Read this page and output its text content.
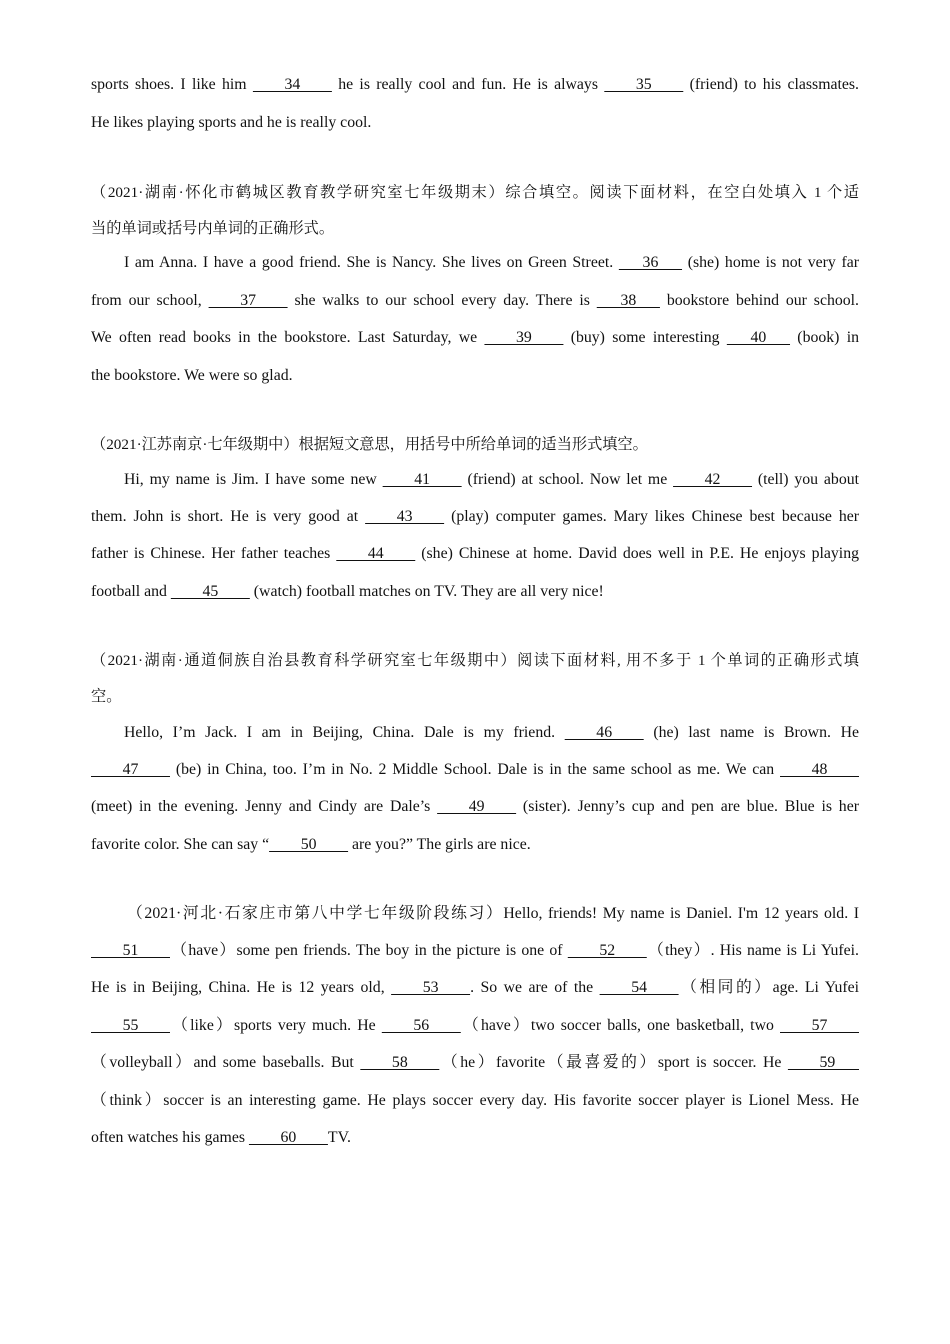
sports shoes. I like him         34         he is really cool and fun. He is always         35         (friend) to his classmates.
He likes playing sports and he is really cool.
（2021·湖南·怀化市鹤城区教育教学研究室七年级期末）综合填空。阅读下面材料，在空白处填入 1 个适
当的单词或括号内单词的正确形式。
I am Anna. I have a good friend. She is Nancy. She lives on Green Street.       36       (she) home is not very far
from our school,         37         she walks to our school every day. There is       38       bookstore behind our school.
We often read books in the bookstore. Last Saturday, we         39         (buy) some interesting       40       (book) in
the bookstore. We were so glad.
（2021·江苏南京·七年级期中）根据短文意思，用括号中所给单词的适当形式填空。
Hi, my name is Jim. I have some new         41         (friend) at school. Now let me         42         (tell) you about
them. John is short. He is very good at         43         (play) computer games. Mary likes Chinese best because her
father is Chinese. Her father teaches         44         (she) Chinese at home. David does well in P.E. He enjoys playing
football and         45         (watch) football matches on TV. They are all very nice!
（2021·湖南·通道侗族自治县教育科学研究室七年级期中）阅读下面材料, 用不多于 1 个单词的正确形式填
空。
Hello, I’m Jack. I am in Beijing, China. Dale is my friend.         46         (he) last name is Brown. He
47         (be) in China, too. I’m in No. 2 Middle School. Dale is in the same school as me. We can         48
(meet) in the evening. Jenny and Cindy are Dale’s         49         (sister). Jenny’s cup and pen are blue. Blue is her
favorite color. She can say “        50         are you?” The girls are nice.
（2021·河北·石家庄市第八中学七年级阶段练习）Hello, friends! My name is Daniel. I'm 12 years old. I
51        （have）some pen friends. The boy in the picture is one of         52        （they）. His name is Li Yufei.
He is in Beijing, China. He is 12 years old,         53        . So we are of the         54        （相同的）age. Li Yufei
55        （like）sports very much. He         56        （have）two soccer balls, one basketball, two         57
（volleyball）and some baseballs. But         58        （he）favorite（最喜爱的）sport is soccer. He         59
（think）soccer is an interesting game. He plays soccer every day. His favorite soccer player is Lionel Mess. He
often watches his games         60        TV.
